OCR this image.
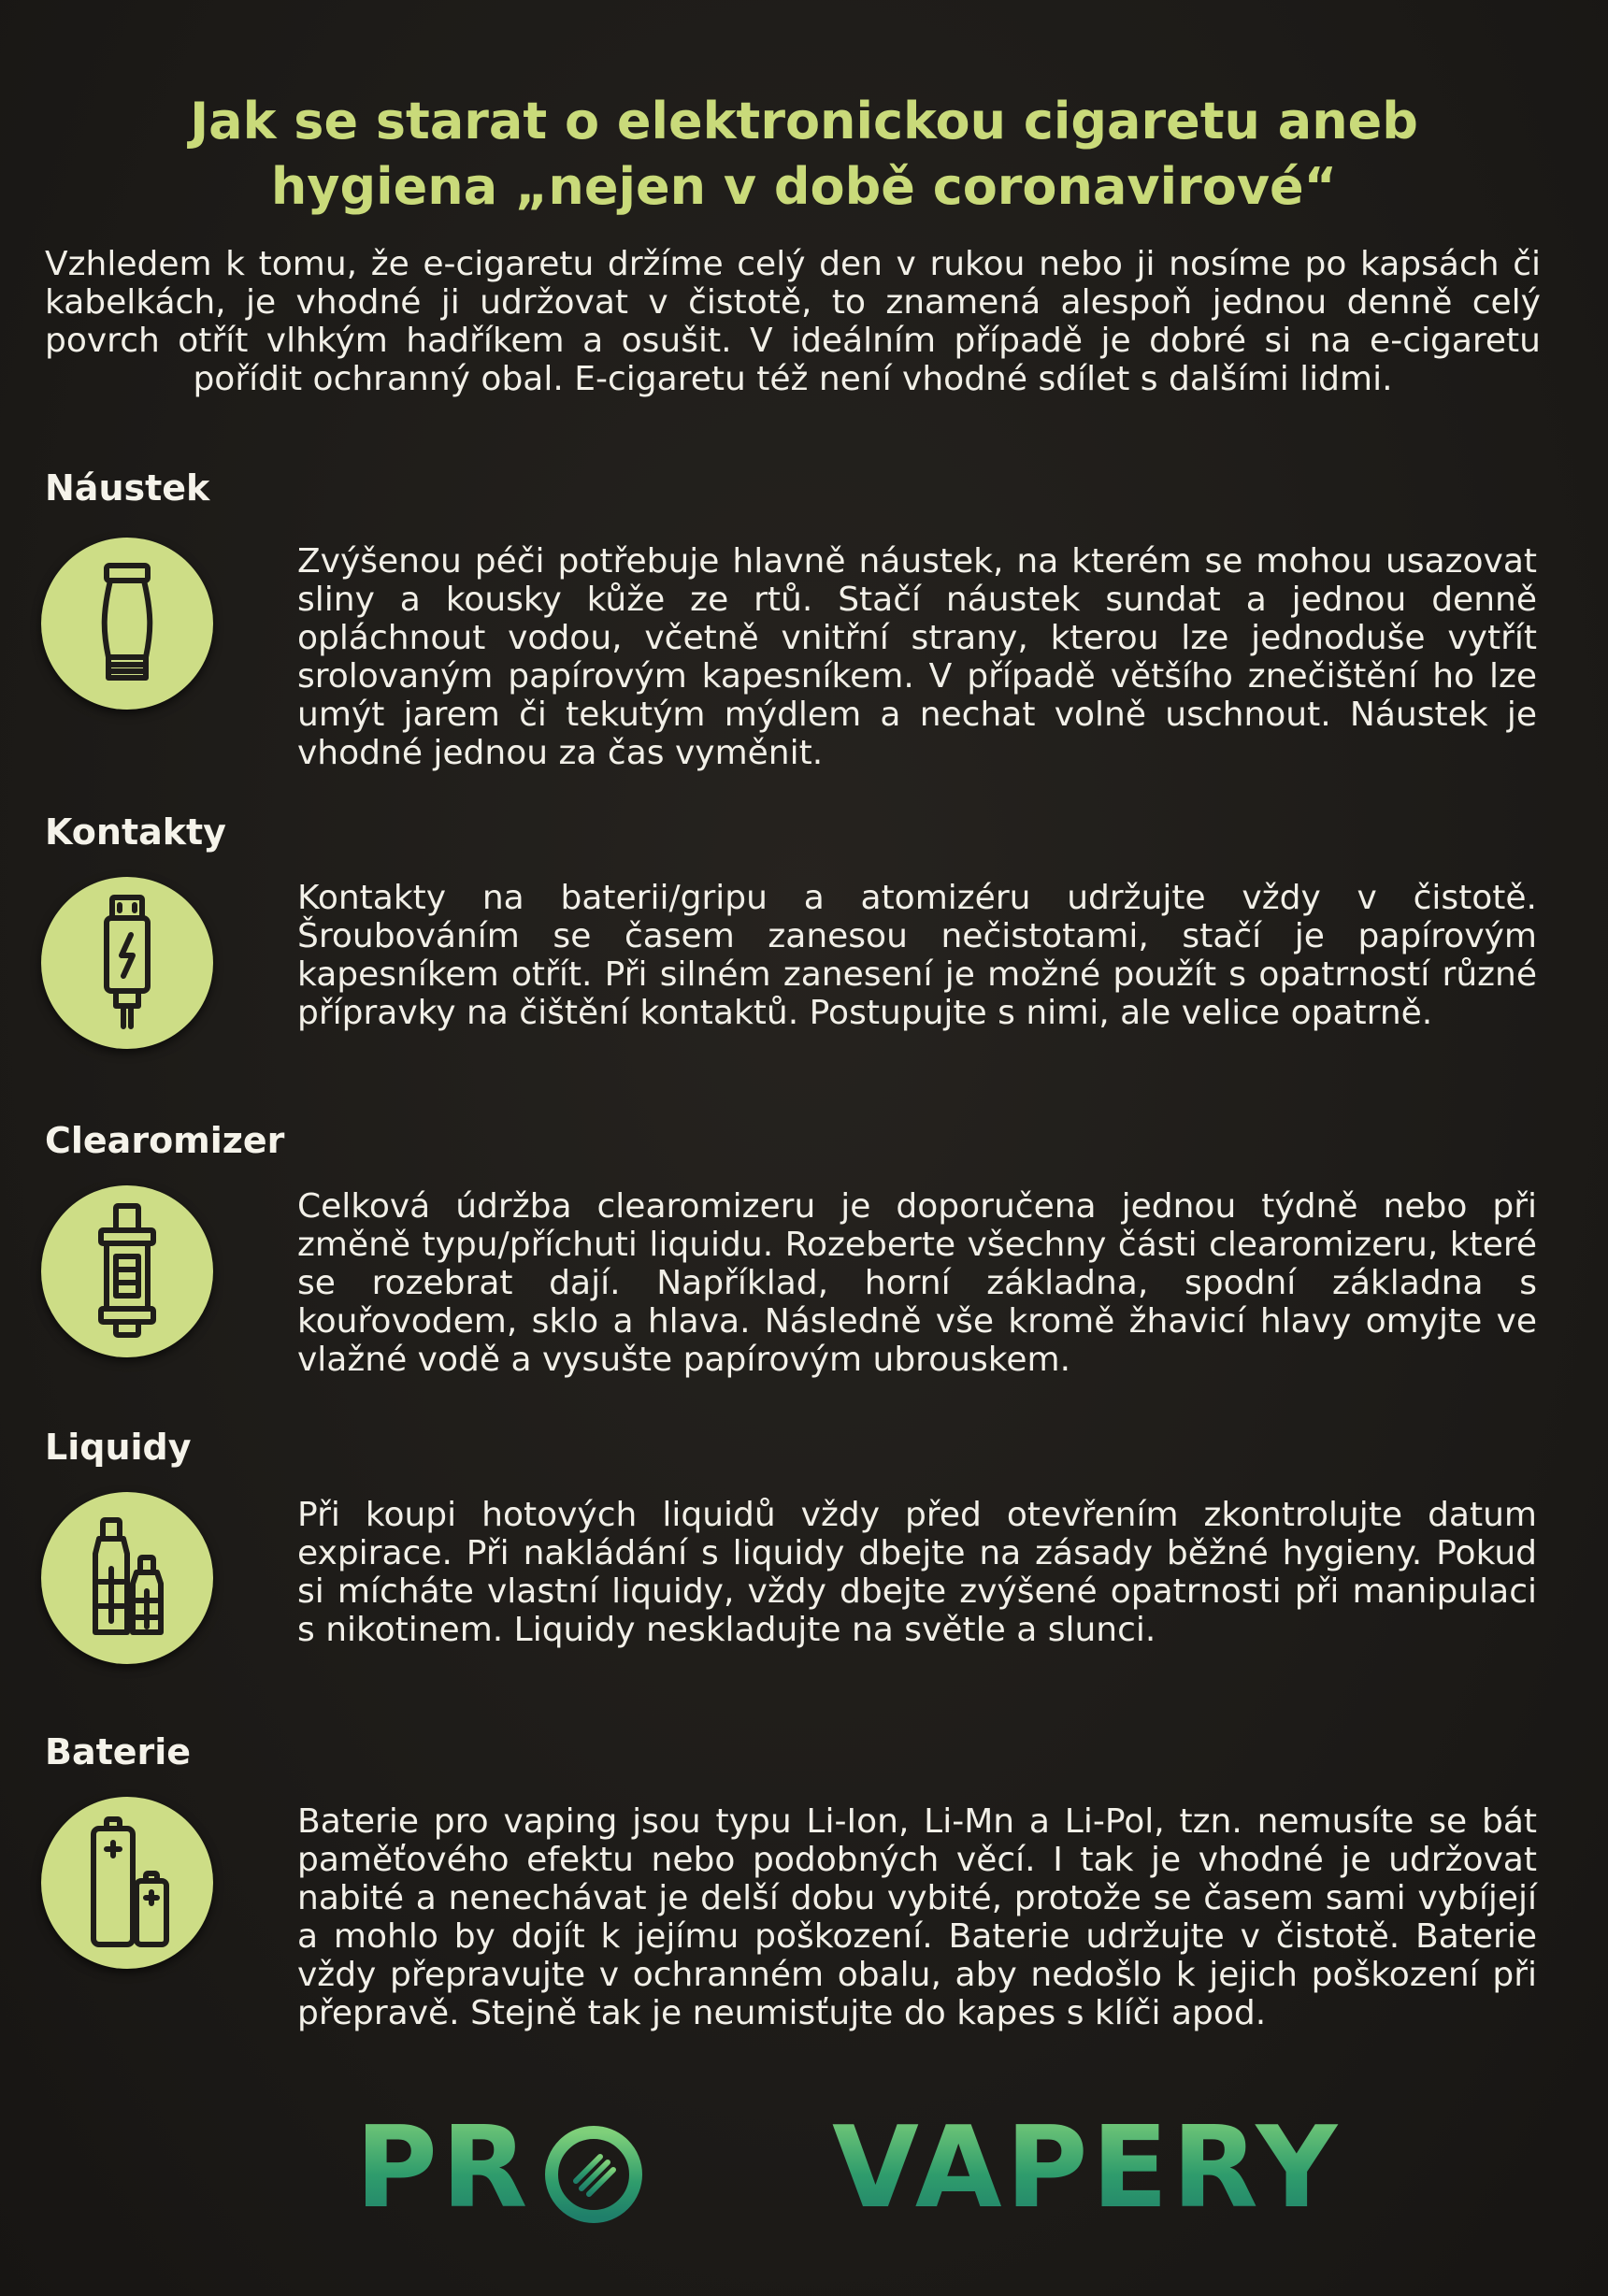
Jak se starat o elektronickou cigaretu aneb
hygiena „nejen v době coronavirové“

Vzhledem k tomu, že e-cigaretu držíme celý den v rukou nebo ji nosíme po kapsách či kabelkách, je vhodné ji udržovat v čistotě, to znamená alespoň jednou denně celý povrch otřít vlhkým hadříkem a osušit. V ideálním případě je dobré si na e-cigaretu pořídit ochranný obal. E-cigaretu též není vhodné sdílet s dalšími lidmi.

Náustek

Zvýšenou péči potřebuje hlavně náustek, na kterém se mohou usazovat sliny a kousky kůže ze rtů. Stačí náustek sundat a jednou denně opláchnout vodou, včetně vnitřní strany, kterou lze jednoduše vytřít srolovaným papírovým kapesníkem. V případě většího znečištění ho lze umýt jarem či tekutým mýdlem a nechat volně uschnout. Náustek je vhodné jednou za čas vyměnit.

Kontakty

Kontakty na baterii/gripu a atomizéru udržujte vždy v čistotě. Šroubováním se časem zanesou nečistotami, stačí je papírovým kapesníkem otřít. Při silném zanesení je možné použít s opatrností různé přípravky na čištění kontaktů. Postupujte s nimi, ale velice opatrně.

Clearomizer

Celková údržba clearomizeru je doporučena jednou týdně nebo při změně typu/příchuti liquidu. Rozeberte všechny části clearomizeru, které se rozebrat dají. Například, horní základna, spodní základna s kouřovodem, sklo a hlava. Následně vše kromě žhavicí hlavy omyjte ve vlažné vodě a vysušte papírovým ubrouskem.

Liquidy

Při koupi hotových liquidů vždy před otevřením zkontrolujte datum expirace. Při nakládání s liquidy dbejte na zásady běžné hygieny. Pokud si mícháte vlastní liquidy, vždy dbejte zvýšené opatrnosti při manipulaci s nikotinem. Liquidy neskladujte na světle a slunci.

Baterie

Baterie pro vaping jsou typu Li-Ion, Li-Mn a Li-Pol, tzn. nemusíte se bát paměťového efektu nebo podobných věcí. I tak je vhodné je udržovat nabité a nenechávat je delší dobu vybité, protože se časem sami vybíjejí a mohlo by dojít k jejímu poškození. Baterie udržujte v čistotě. Baterie vždy přepravujte v ochranném obalu, aby nedošlo k jejich poškození při přepravě. Stejně tak je neumisťujte do kapes s klíči apod.

PR	VAPERY
